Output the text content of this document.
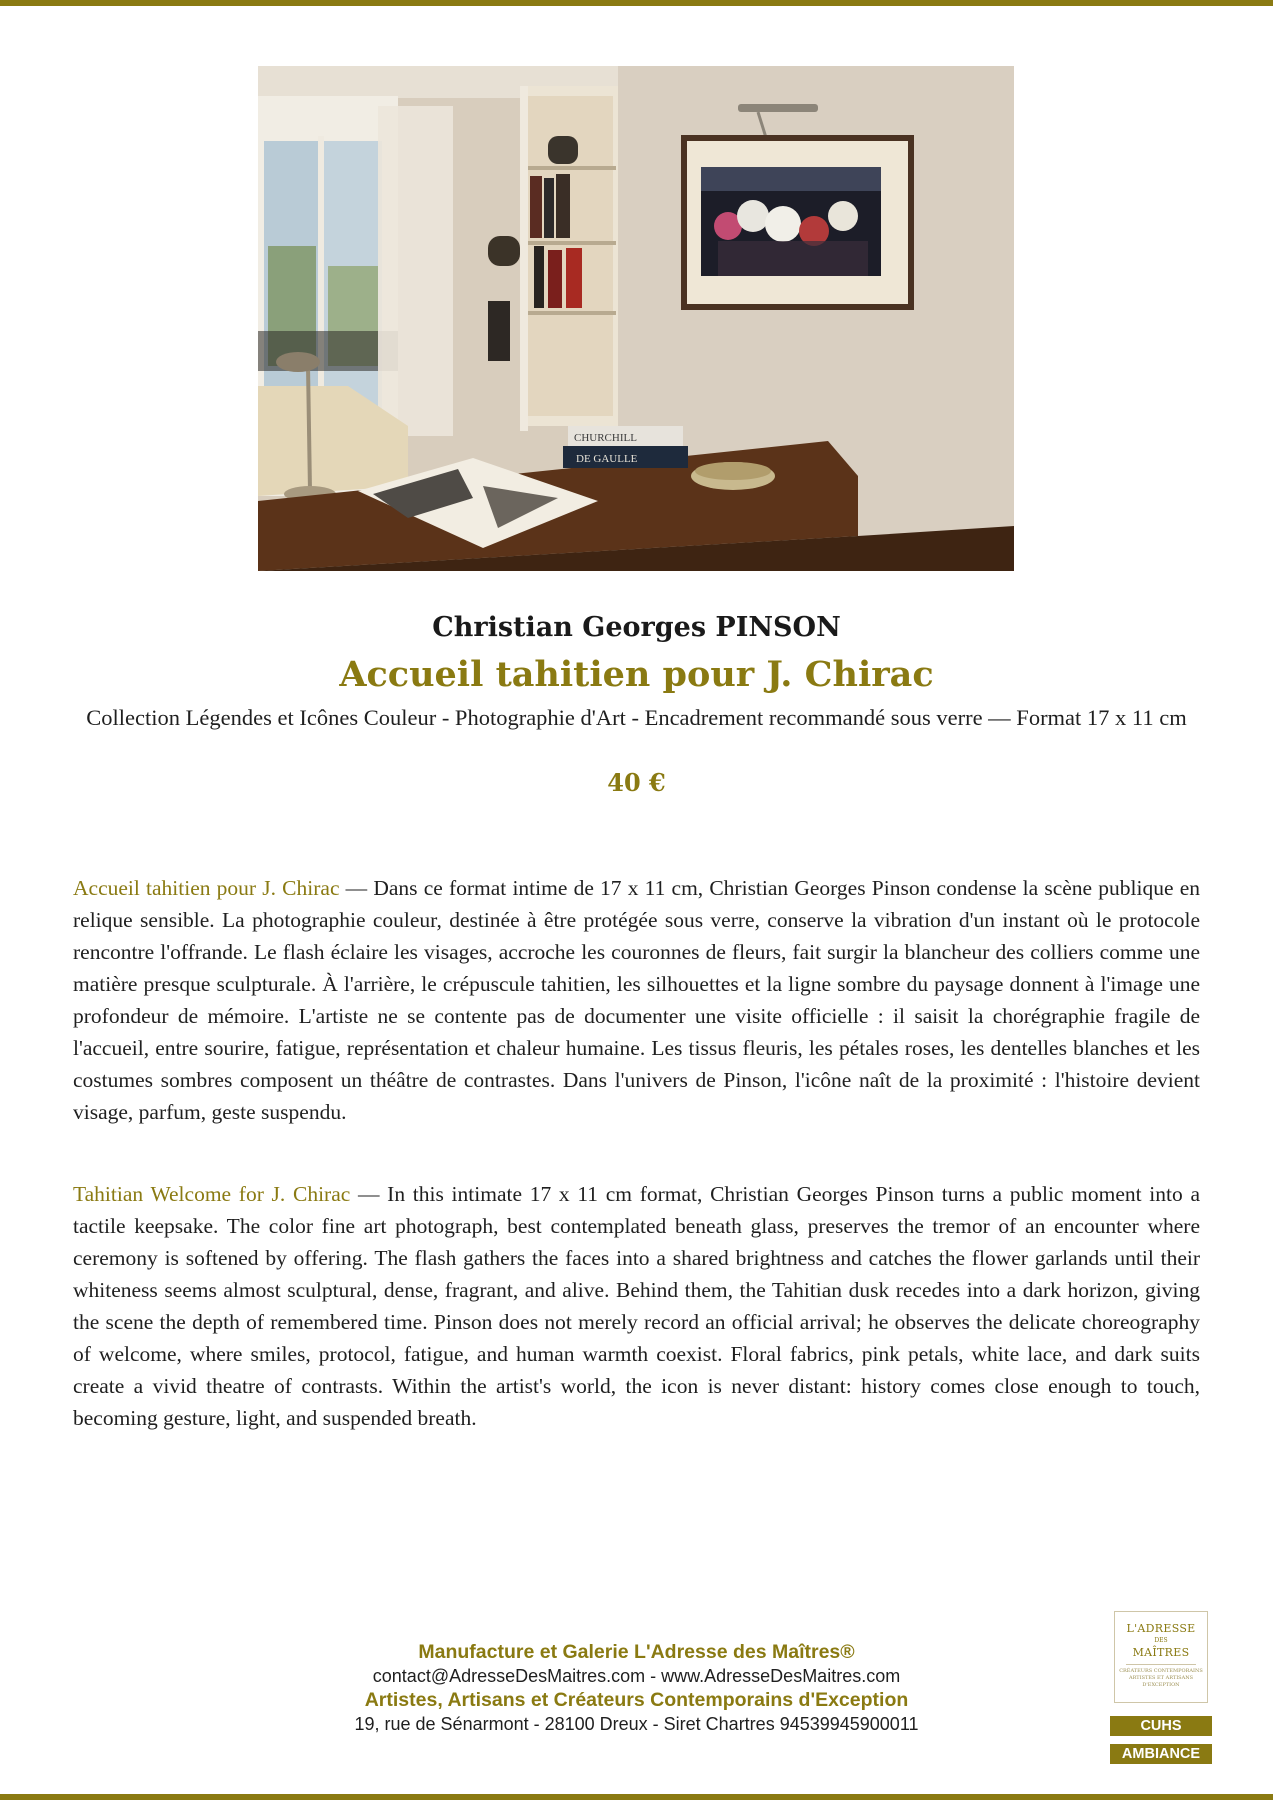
CHURCHILL
DE GAULLE
Christian Georges PINSON
Accueil tahitien pour J. Chirac
Collection Légendes et Icônes Couleur - Photographie d'Art - Encadrement recommandé sous verre — Format 17 x 11 cm
40 €

Accueil tahitien pour J. Chirac — Dans ce format intime de 17 x 11 cm, Christian Georges Pinson condense la scène publique en relique sensible. La photographie couleur, destinée à être protégée sous verre, conserve la vibration d'un instant où le protocole rencontre l'offrande. Le flash éclaire les visages, accroche les couronnes de fleurs, fait surgir la blancheur des colliers comme une matière presque sculpturale. À l'arrière, le crépuscule tahitien, les silhouettes et la ligne sombre du paysage donnent à l'image une profondeur de mémoire. L'artiste ne se contente pas de documenter une visite officielle : il saisit la chorégraphie fragile de l'accueil, entre sourire, fatigue, représentation et chaleur humaine. Les tissus fleuris, les pétales roses, les dentelles blanches et les costumes sombres composent un théâtre de contrastes. Dans l'univers de Pinson, l'icône naît de la proximité : l'histoire devient visage, parfum, geste suspendu.

Tahitian Welcome for J. Chirac — In this intimate 17 x 11 cm format, Christian Georges Pinson turns a public moment into a tactile keepsake. The color fine art photograph, best contemplated beneath glass, preserves the tremor of an encounter where ceremony is softened by offering. The flash gathers the faces into a shared brightness and catches the flower garlands until their whiteness seems almost sculptural, dense, fragrant, and alive. Behind them, the Tahitian dusk recedes into a dark horizon, giving the scene the depth of remembered time. Pinson does not merely record an official arrival; he observes the delicate choreography of welcome, where smiles, protocol, fatigue, and human warmth coexist. Floral fabrics, pink petals, white lace, and dark suits create a vivid theatre of contrasts. Within the artist's world, the icon is never distant: history comes close enough to touch, becoming gesture, light, and suspended breath.

Manufacture et Galerie L'Adresse des Maîtres®
contact@AdresseDesMaitres.com - www.AdresseDesMaitres.com
Artistes, Artisans et Créateurs Contemporains d'Exception
19, rue de Sénarmont - 28100 Dreux - Siret Chartres 94539945900011
L'ADRESSE
DES
MAÎTRES
CRÉATEURS CONTEMPORAINS ARTISTES ET ARTISANS D'EXCEPTION
CUHS
AMBIANCE
